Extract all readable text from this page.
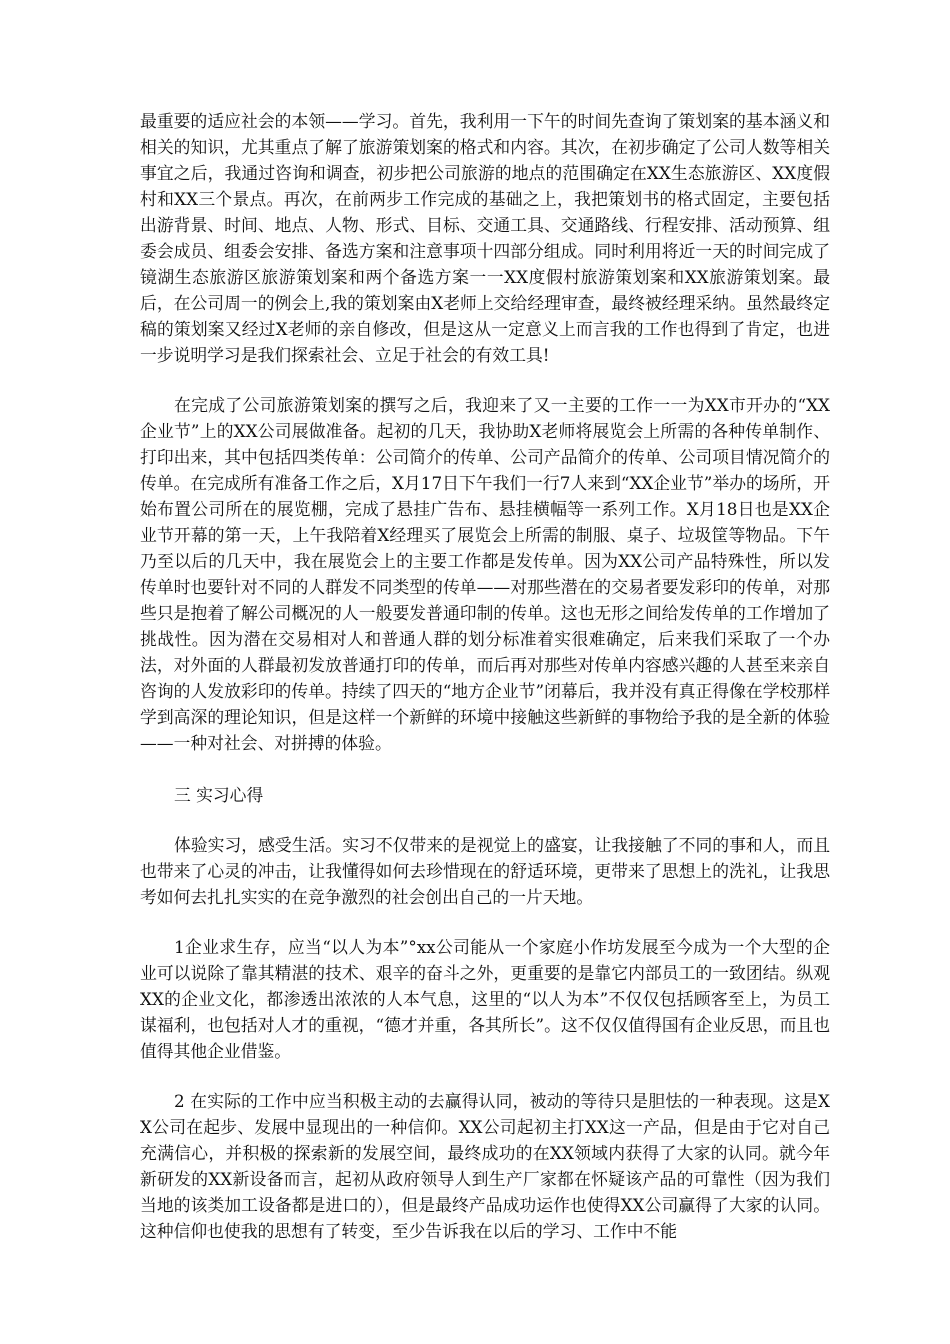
最重要的适应社会的本领——学习。首先，我利用一下午的时间先查询了策划案的基本涵义和相关的知识，尤其重点了解了旅游策划案的格式和内容。其次，在初步确定了公司人数等相关事宜之后，我通过咨询和调查，初步把公司旅游的地点的范围确定在XX生态旅游区、XX度假村和XX三个景点。再次，在前两步工作完成的基础之上，我把策划书的格式固定，主要包括出游背景、时间、地点、人物、形式、目标、交通工具、交通路线、行程安排、活动预算、组委会成员、组委会安排、备选方案和注意事项十四部分组成。同时利用将近一天的时间完成了镜湖生态旅游区旅游策划案和两个备选方案一一XX度假村旅游策划案和XX旅游策划案。最后，在公司周一的例会上,我的策划案由X老师上交给经理审查，最终被经理采纳。虽然最终定稿的策划案又经过X老师的亲自修改，但是这从一定意义上而言我的工作也得到了肯定，也进一步说明学习是我们探索社会、立足于社会的有效工具!

在完成了公司旅游策划案的撰写之后，我迎来了又一主要的工作一一为XX市开办的“XX企业节”上的XX公司展做准备。起初的几天，我协助X老师将展览会上所需的各种传单制作、打印出来，其中包括四类传单：公司简介的传单、公司产品简介的传单、公司项目情况简介的传单。在完成所有准备工作之后，X月17日下午我们一行7人来到“XX企业节”举办的场所，开始布置公司所在的展览棚，完成了悬挂广告布、悬挂横幅等一系列工作。X月18日也是XX企业节开幕的第一天，上午我陪着X经理买了展览会上所需的制服、桌子、垃圾筐等物品。下午乃至以后的几天中，我在展览会上的主要工作都是发传单。因为XX公司产品特殊性，所以发传单时也要针对不同的人群发不同类型的传单——对那些潜在的交易者要发彩印的传单，对那些只是抱着了解公司概况的人一般要发普通印制的传单。这也无形之间给发传单的工作增加了挑战性。因为潜在交易相对人和普通人群的划分标准着实很难确定，后来我们采取了一个办法，对外面的人群最初发放普通打印的传单，而后再对那些对传单内容感兴趣的人甚至来亲自咨询的人发放彩印的传单。持续了四天的“地方企业节”闭幕后，我并没有真正得像在学校那样学到高深的理论知识，但是这样一个新鲜的环境中接触这些新鲜的事物给予我的是全新的体验——一种对社会、对拼搏的体验。

三 实习心得

体验实习，感受生活。实习不仅带来的是视觉上的盛宴，让我接触了不同的事和人，而且也带来了心灵的冲击，让我懂得如何去珍惜现在的舒适环境，更带来了思想上的洗礼，让我思考如何去扎扎实实的在竞争激烈的社会创出自己的一片天地。

1企业求生存，应当“以人为本”°xx公司能从一个家庭小作坊发展至今成为一个大型的企业可以说除了靠其精湛的技术、艰辛的奋斗之外，更重要的是靠它内部员工的一致团结。纵观XX的企业文化，都渗透出浓浓的人本气息，这里的“以人为本”不仅仅包括顾客至上，为员工谋福利，也包括对人才的重视，“德才并重，各其所长”。这不仅仅值得国有企业反思，而且也值得其他企业借鉴。

2 在实际的工作中应当积极主动的去赢得认同，被动的等待只是胆怯的一种表现。这是XX公司在起步、发展中显现出的一种信仰。XX公司起初主打XX这一产品，但是由于它对自己充满信心，并积极的探索新的发展空间，最终成功的在XX领域内获得了大家的认同。就今年新研发的XX新设备而言，起初从政府领导人到生产厂家都在怀疑该产品的可靠性（因为我们当地的该类加工设备都是进口的），但是最终产品成功运作也使得XX公司赢得了大家的认同。这种信仰也使我的思想有了转变，至少告诉我在以后的学习、工作中不能
